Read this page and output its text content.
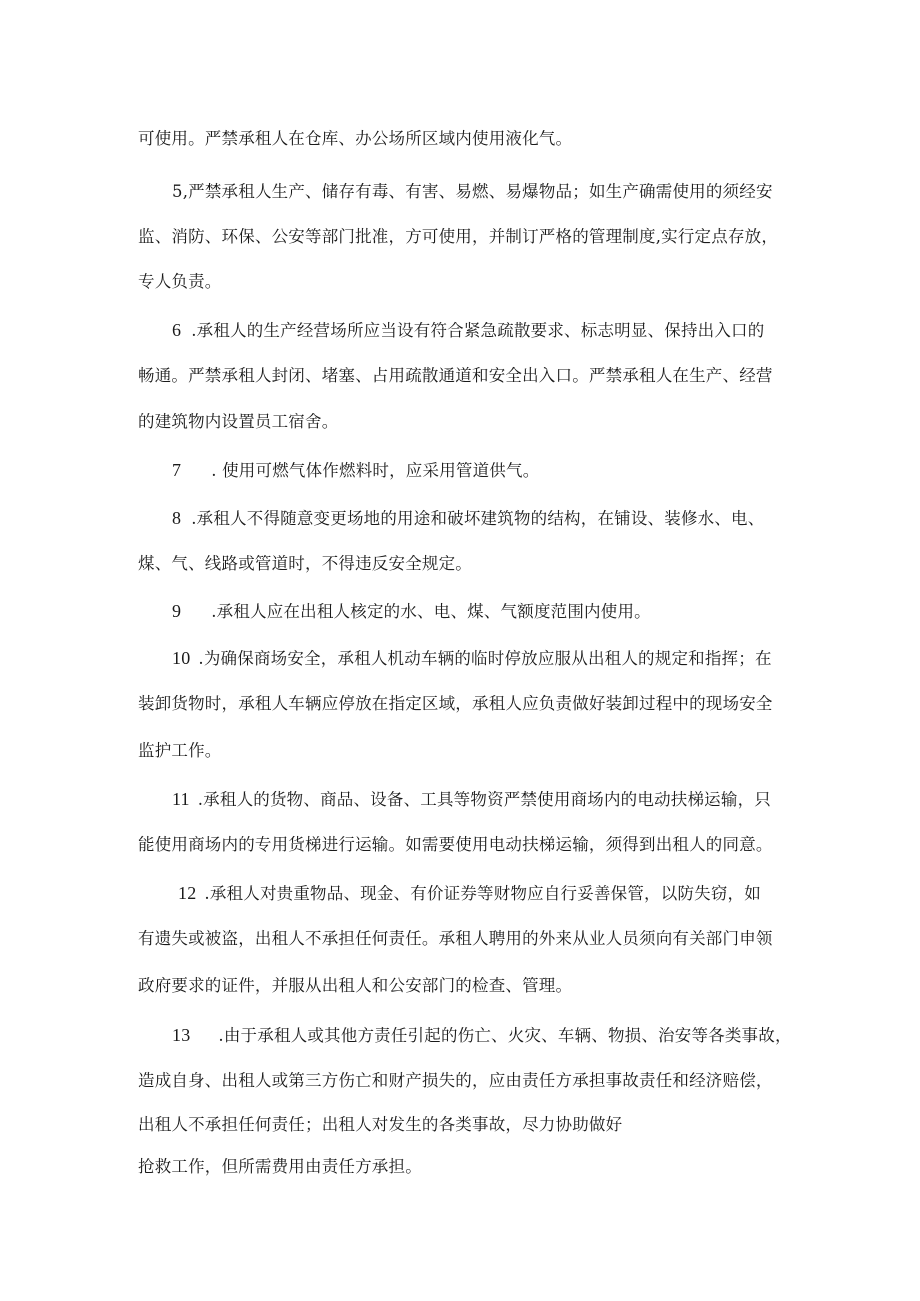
可使用。严禁承租人在仓库、办公场所区域内使用液化气。

5,严禁承租人生产、储存有毒、有害、易燃、易爆物品；如生产确需使用的须经安

监、消防、环保、公安等部门批准，方可使用，并制订严格的管理制度,实行定点存放，

专人负责。

6 .承租人的生产经营场所应当设有符合紧急疏散要求、标志明显、保持出入口的

畅通。严禁承租人封闭、堵塞、占用疏散通道和安全出入口。严禁承租人在生产、经营

的建筑物内设置员工宿舍。

7 . 使用可燃气体作燃料时，应采用管道供气。

8 .承租人不得随意变更场地的用途和破坏建筑物的结构，在铺设、装修水、电、

煤、气、线路或管道时，不得违反安全规定。

9 .承租人应在出租人核定的水、电、煤、气额度范围内使用。

10 .为确保商场安全，承租人机动车辆的临时停放应服从出租人的规定和指挥；在

装卸货物时，承租人车辆应停放在指定区域，承租人应负责做好装卸过程中的现场安全

监护工作。

11 .承租人的货物、商品、设备、工具等物资严禁使用商场内的电动扶梯运输，只

能使用商场内的专用货梯进行运输。如需要使用电动扶梯运输，须得到出租人的同意。

12 .承租人对贵重物品、现金、有价证券等财物应自行妥善保管，以防失窃，如

有遗失或被盗，出租人不承担任何责任。承租人聘用的外来从业人员须向有关部门申领

政府要求的证件，并服从出租人和公安部门的检查、管理。

13 .由于承租人或其他方责任引起的伤亡、火灾、车辆、物损、治安等各类事故，

造成自身、出租人或第三方伤亡和财产损失的，应由责任方承担事故责任和经济赔偿，

出租人不承担任何责任；出租人对发生的各类事故，尽力协助做好

抢救工作，但所需费用由责任方承担。
